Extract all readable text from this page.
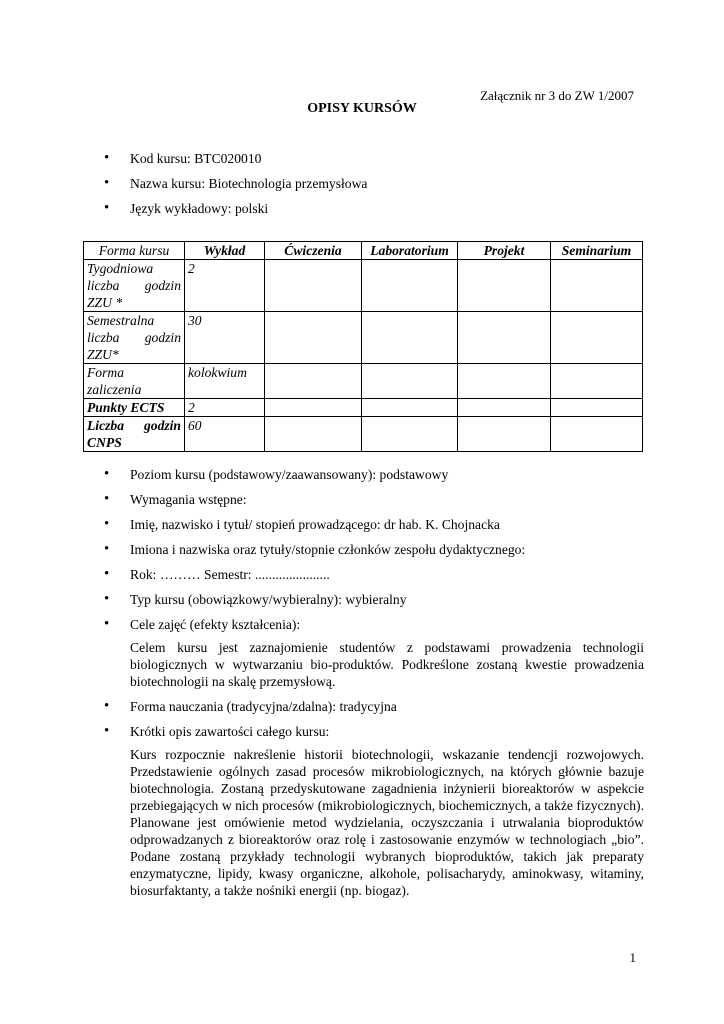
Załącznik nr 3 do ZW 1/2007
OPISY KURSÓW
• Kod kursu: BTC020010
• Nazwa kursu: Biotechnologia przemysłowa
• Język wykładowy: polski
Forma kursu	Wykład	Ćwiczenia	Laboratorium	Projekt	Seminarium
Tygodniowa liczba godzin ZZU *	2				
Semestralna liczba godzin ZZU*	30				
Forma zaliczenia	kolokwium				
Punkty ECTS	2				
Liczba godzin CNPS	60				
• Poziom kursu (podstawowy/zaawansowany): podstawowy
• Wymagania wstępne:
• Imię, nazwisko i tytuł/ stopień prowadzącego: dr hab. K. Chojnacka
• Imiona i nazwiska oraz tytuły/stopnie członków zespołu dydaktycznego:
• Rok: ……… Semestr: ......................
• Typ kursu (obowiązkowy/wybieralny): wybieralny
• Cele zajęć (efekty kształcenia):

Celem kursu jest zaznajomienie studentów z podstawami prowadzenia technologii biologicznych w wytwarzaniu bio-produktów. Podkreślone zostaną kwestie prowadzenia biotechnologii na skalę przemysłową.

• Forma nauczania (tradycyjna/zdalna): tradycyjna
• Krótki opis zawartości całego kursu:

Kurs rozpocznie nakreślenie historii biotechnologii, wskazanie tendencji rozwojowych. Przedstawienie ogólnych zasad procesów mikrobiologicznych, na których głównie bazuje biotechnologia. Zostaną przedyskutowane zagadnienia inżynierii bioreaktorów w aspekcie przebiegających w nich procesów (mikrobiologicznych, biochemicznych, a także fizycznych). Planowane jest omówienie metod wydzielania, oczyszczania i utrwalania bioproduktów odprowadzanych z bioreaktorów oraz rolę i zastosowanie enzymów w technologiach „bio”. Podane zostaną przykłady technologii wybranych bioproduktów, takich jak preparaty enzymatyczne, lipidy, kwasy organiczne, alkohole, polisacharydy, aminokwasy, witaminy, biosurfaktanty, a także nośniki energii (np. biogaz).

1
